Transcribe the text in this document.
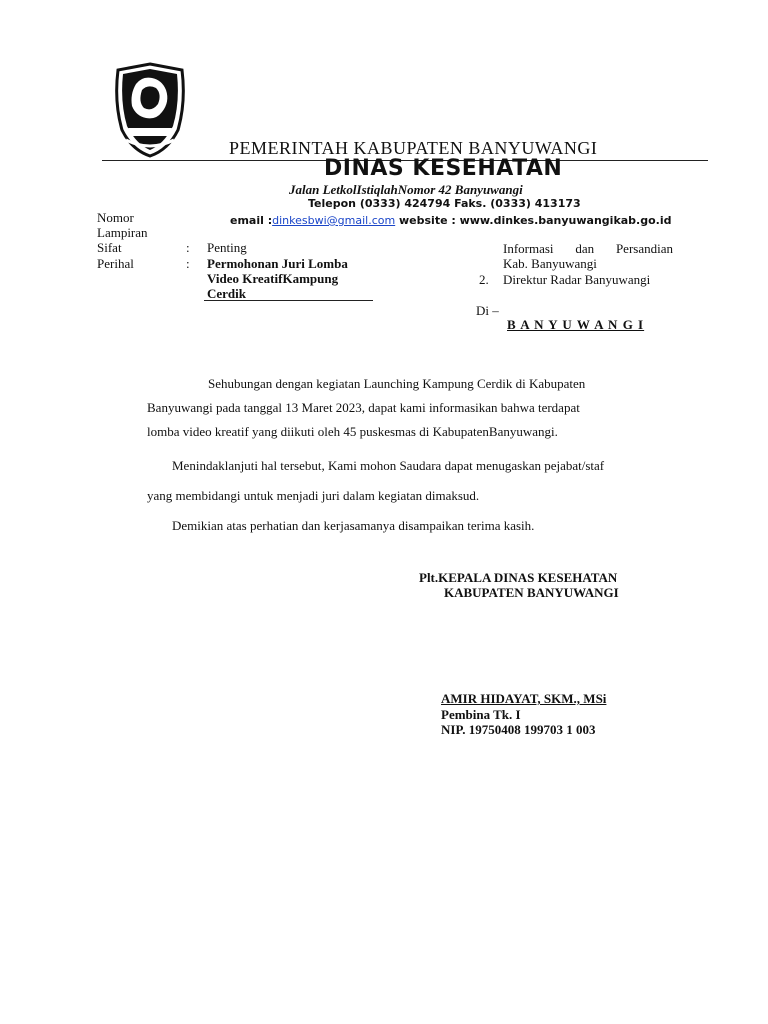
PEMERINTAH KABUPATEN BANYUWANGI
DINAS KESEHATAN
Jalan LetkolIstiqlahNomor 42 Banyuwangi
Telepon (0333) 424794 Faks. (0333) 413173
email :dinkesbwi@gmail.com website : www.dinkes.banyuwangikab.go.id
Nomor
Lampiran
Sifat	: Penting
Perihal	: Permohonan Juri Lomba Video KreatifKampung Cerdik
Informasi dan Persandian
Kab. Banyuwangi
2. Direktur Radar Banyuwangi
Di –
B A N Y U W A N G I
Sehubungan dengan kegiatan Launching Kampung Cerdik di Kabupaten
Banyuwangi pada tanggal 13 Maret 2023, dapat kami informasikan bahwa terdapat
lomba video kreatif yang diikuti oleh 45 puskesmas di KabupatenBanyuwangi.
Menindaklanjuti hal tersebut, Kami mohon Saudara dapat menugaskan pejabat/staf
yang membidangi untuk menjadi juri dalam kegiatan dimaksud.
Demikian atas perhatian dan kerjasamanya disampaikan terima kasih.
Plt.KEPALA DINAS KESEHATAN
KABUPATEN BANYUWANGI
AMIR HIDAYAT, SKM., MSi
Pembina Tk. I
NIP. 19750408 199703 1 003
